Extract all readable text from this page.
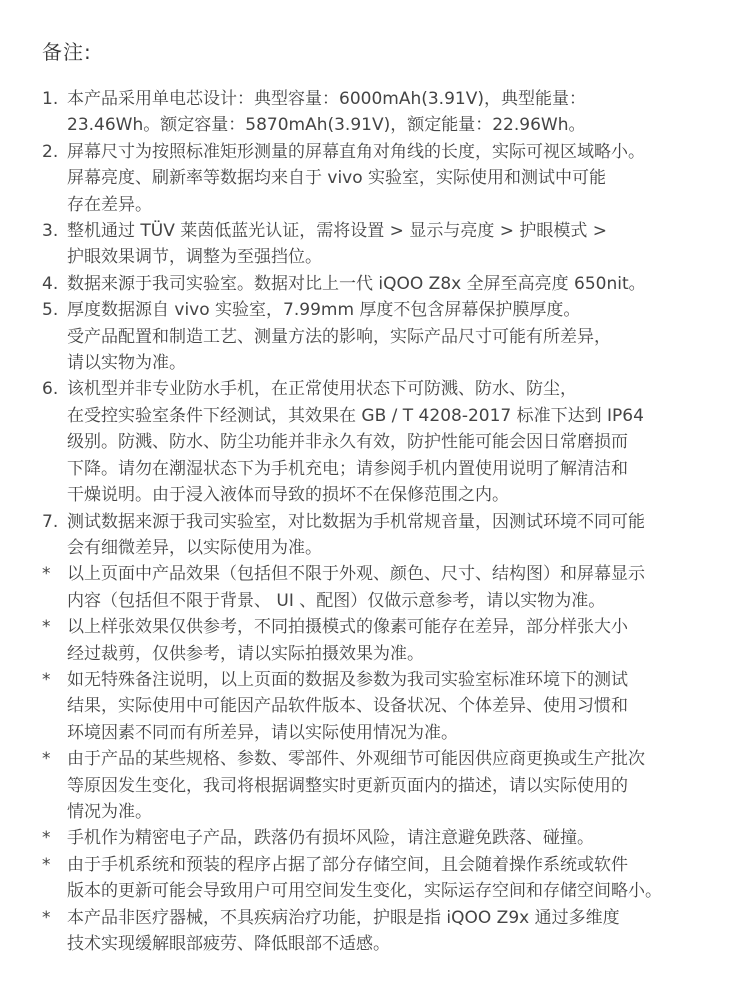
备注:
1. 本产品采用单电芯设计：典型容量：6000mAh(3.91V)，典型能量：
23.46Wh。额定容量：5870mAh(3.91V)，额定能量：22.96Wh。
2. 屏幕尺寸为按照标准矩形测量的屏幕直角对角线的长度，实际可视区域略小。
屏幕亮度、刷新率等数据均来自于 vivo 实验室，实际使用和测试中可能
存在差异。
3. 整机通过 TÜV 莱茵低蓝光认证，需将设置 > 显示与亮度 > 护眼模式 >
护眼效果调节，调整为至强挡位。
4. 数据来源于我司实验室。数据对比上一代 iQOO Z8x 全屏至高亮度 650nit。
5. 厚度数据源自 vivo 实验室，7.99mm 厚度不包含屏幕保护膜厚度。
受产品配置和制造工艺、测量方法的影响，实际产品尺寸可能有所差异，
请以实物为准。
6. 该机型并非专业防水手机，在正常使用状态下可防溅、防水、防尘，
在受控实验室条件下经测试，其效果在 GB / T 4208-2017 标准下达到 IP64
级别。防溅、防水、防尘功能并非永久有效，防护性能可能会因日常磨损而
下降。请勿在潮湿状态下为手机充电；请参阅手机内置使用说明了解清洁和
干燥说明。由于浸入液体而导致的损坏不在保修范围之内。
7. 测试数据来源于我司实验室，对比数据为手机常规音量，因测试环境不同可能
会有细微差异，以实际使用为准。
* 以上页面中产品效果（包括但不限于外观、颜色、尺寸、结构图）和屏幕显示
内容（包括但不限于背景、 UI 、配图）仅做示意参考，请以实物为准。
* 以上样张效果仅供参考，不同拍摄模式的像素可能存在差异，部分样张大小
经过裁剪，仅供参考，请以实际拍摄效果为准。
* 如无特殊备注说明，以上页面的数据及参数为我司实验室标准环境下的测试
结果，实际使用中可能因产品软件版本、设备状况、个体差异、使用习惯和
环境因素不同而有所差异，请以实际使用情况为准。
* 由于产品的某些规格、参数、零部件、外观细节可能因供应商更换或生产批次
等原因发生变化，我司将根据调整实时更新页面内的描述，请以实际使用的
情况为准。
* 手机作为精密电子产品，跌落仍有损坏风险，请注意避免跌落、碰撞。
* 由于手机系统和预装的程序占据了部分存储空间，且会随着操作系统或软件
版本的更新可能会导致用户可用空间发生变化，实际运存空间和存储空间略小。
* 本产品非医疗器械，不具疾病治疗功能，护眼是指 iQOO Z9x 通过多维度
技术实现缓解眼部疲劳、降低眼部不适感。
